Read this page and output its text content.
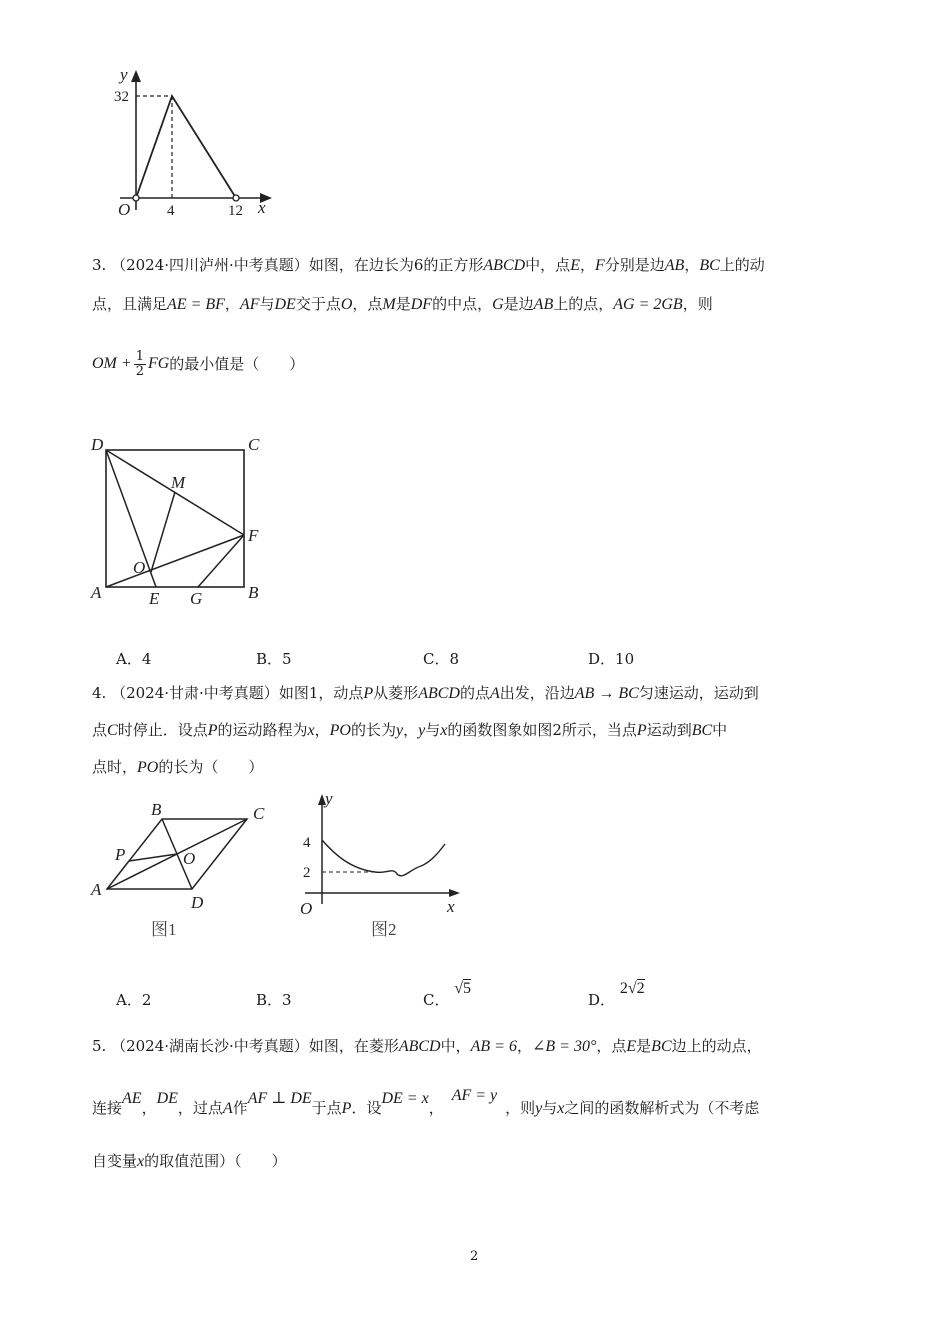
y
x
O
32
4	12
3. （2024·四川泸州·中考真题）如图，在边长为6的正方形ABCD中，点E，F分别是边AB，BC上的动
点，且满足AE = BF，AF与DE交于点O，点M是DF的中点，G是边AB上的点，AG = 2GB，则
OM + $\frac{1}{2}$ FG 的最小值是（　　）
D	C
A	B
E G
F
M
O
A．4	B．5	C．8	D．10
4. （2024·甘肃·中考真题）如图1，动点P从菱形ABCD的点A出发，沿边AB → BC匀速运动，运动到
点C时停止．设点P的运动路程为x，PO的长为y，y与x的函数图象如图2所示，当点P运动到BC中
点时，PO的长为（　　）
B	C
A
D
P	O
图1
y
x
O
4
2
图2
A．2	B．3	C． √5
D． 2√2
5. （2024·湖南长沙·中考真题）如图，在菱形ABCD中，AB = 6，∠B = 30°，点E是BC边上的动点，
连接AE，DE，过点A作AF ⊥ DE于点P．设DE = x，AF = y，则y与x之间的函数解析式为（不考虑
自变量x的取值范围）（　　）
2
